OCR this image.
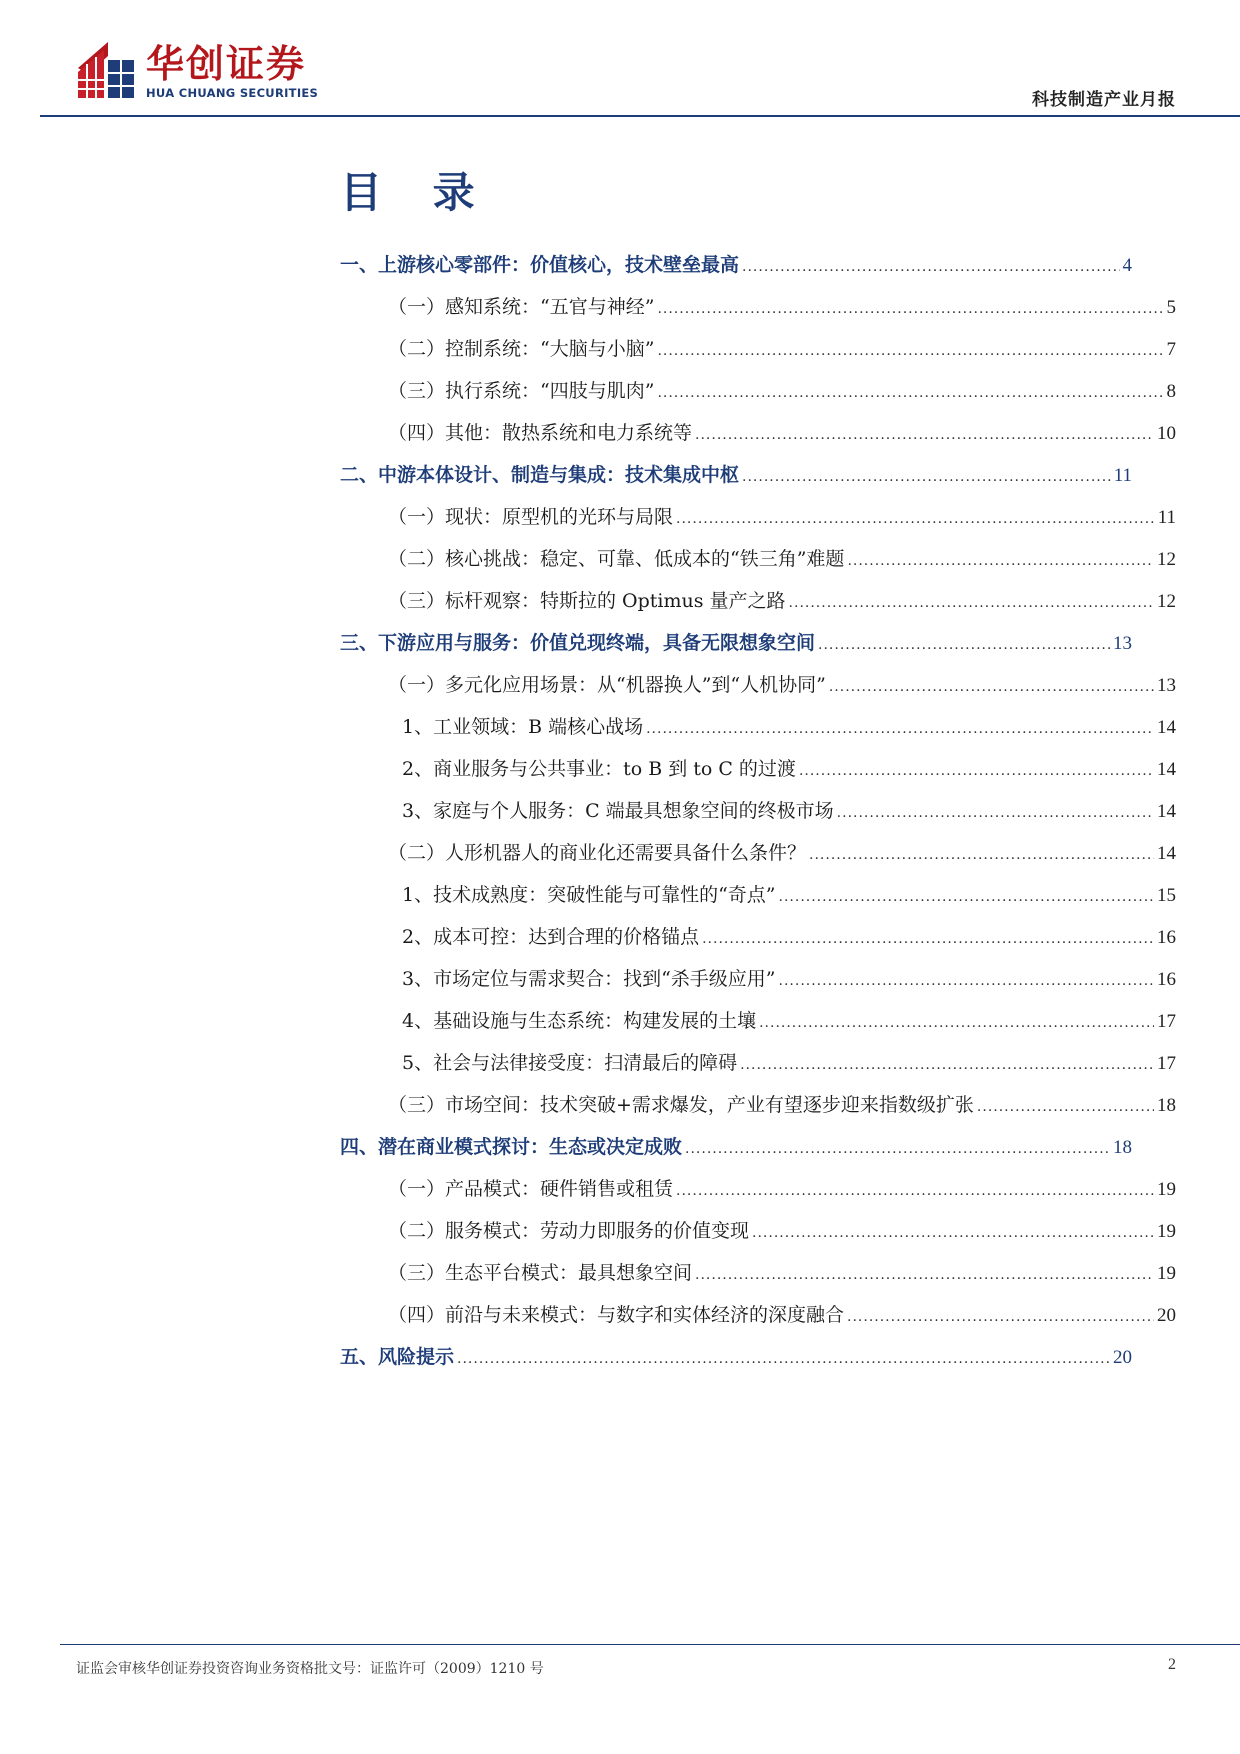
华创证券
HUA CHUANG SECURITIES	科技制造产业月报
目 录
一、上游核心零部件：价值核心，技术壁垒最高 .....	4
（一）感知系统：“五官与神经” .....	5
（二）控制系统：“大脑与小脑” .....	7
（三）执行系统：“四肢与肌肉” .....	8
（四）其他：散热系统和电力系统等 .....	10
二、中游本体设计、制造与集成：技术集成中枢 .....	11
（一）现状：原型机的光环与局限 .....	11
（二）核心挑战：稳定、可靠、低成本的“铁三角”难题 .....	12
（三）标杆观察：特斯拉的 Optimus 量产之路 .....	12
三、下游应用与服务：价值兑现终端，具备无限想象空间 .....	13
（一）多元化应用场景：从“机器换人”到“人机协同” .....	13
1、工业领域：B 端核心战场 .....	14
2、商业服务与公共事业：to B 到 to C 的过渡 .....	14
3、家庭与个人服务：C 端最具想象空间的终极市场 .....	14
（二）人形机器人的商业化还需要具备什么条件？ .....	14
1、技术成熟度：突破性能与可靠性的“奇点” .....	15
2、成本可控：达到合理的价格锚点 .....	16
3、市场定位与需求契合：找到“杀手级应用” .....	16
4、基础设施与生态系统：构建发展的土壤 .....	17
5、社会与法律接受度：扫清最后的障碍 .....	17
（三）市场空间：技术突破+需求爆发，产业有望逐步迎来指数级扩张 .....	18
四、潜在商业模式探讨：生态或决定成败 .....	18
（一）产品模式：硬件销售或租赁 .....	19
（二）服务模式：劳动力即服务的价值变现 .....	19
（三）生态平台模式：最具想象空间 .....	19
（四）前沿与未来模式：与数字和实体经济的深度融合 .....	20
五、风险提示 .....	20
证监会审核华创证券投资咨询业务资格批文号：证监许可（2009）1210 号	2
